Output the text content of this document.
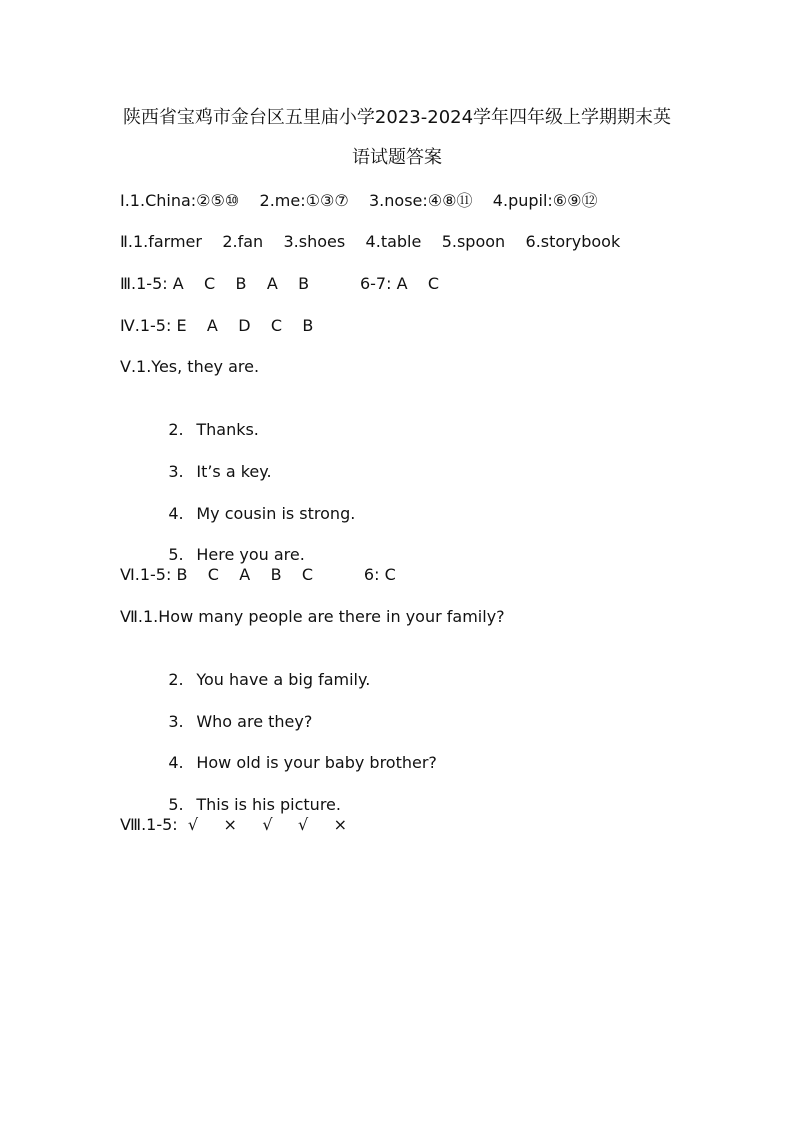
陕西省宝鸡市金台区五里庙小学2023-2024学年四年级上学期期末英
语试题答案
Ⅰ.1.China:②⑤⑩    2.me:①③⑦    3.nose:④⑧⑪    4.pupil:⑥⑨⑫
Ⅱ.1.farmer    2.fan    3.shoes    4.table    5.spoon    6.storybook
Ⅲ.1-5: A    C    B    A    B          6-7: A    C
Ⅳ.1-5: E    A    D    C    B
Ⅴ.1.Yes, they are.

2. Thanks.

3. It’s a key.

4. My cousin is strong.

5. Here you are.

Ⅵ.1-5: B    C    A    B    C          6: C
Ⅶ.1.How many people are there in your family?

2. You have a big family.

3. Who are they?

4. How old is your baby brother?

5. This is his picture.

Ⅷ.1-5:  √     ×     √     √     ×
